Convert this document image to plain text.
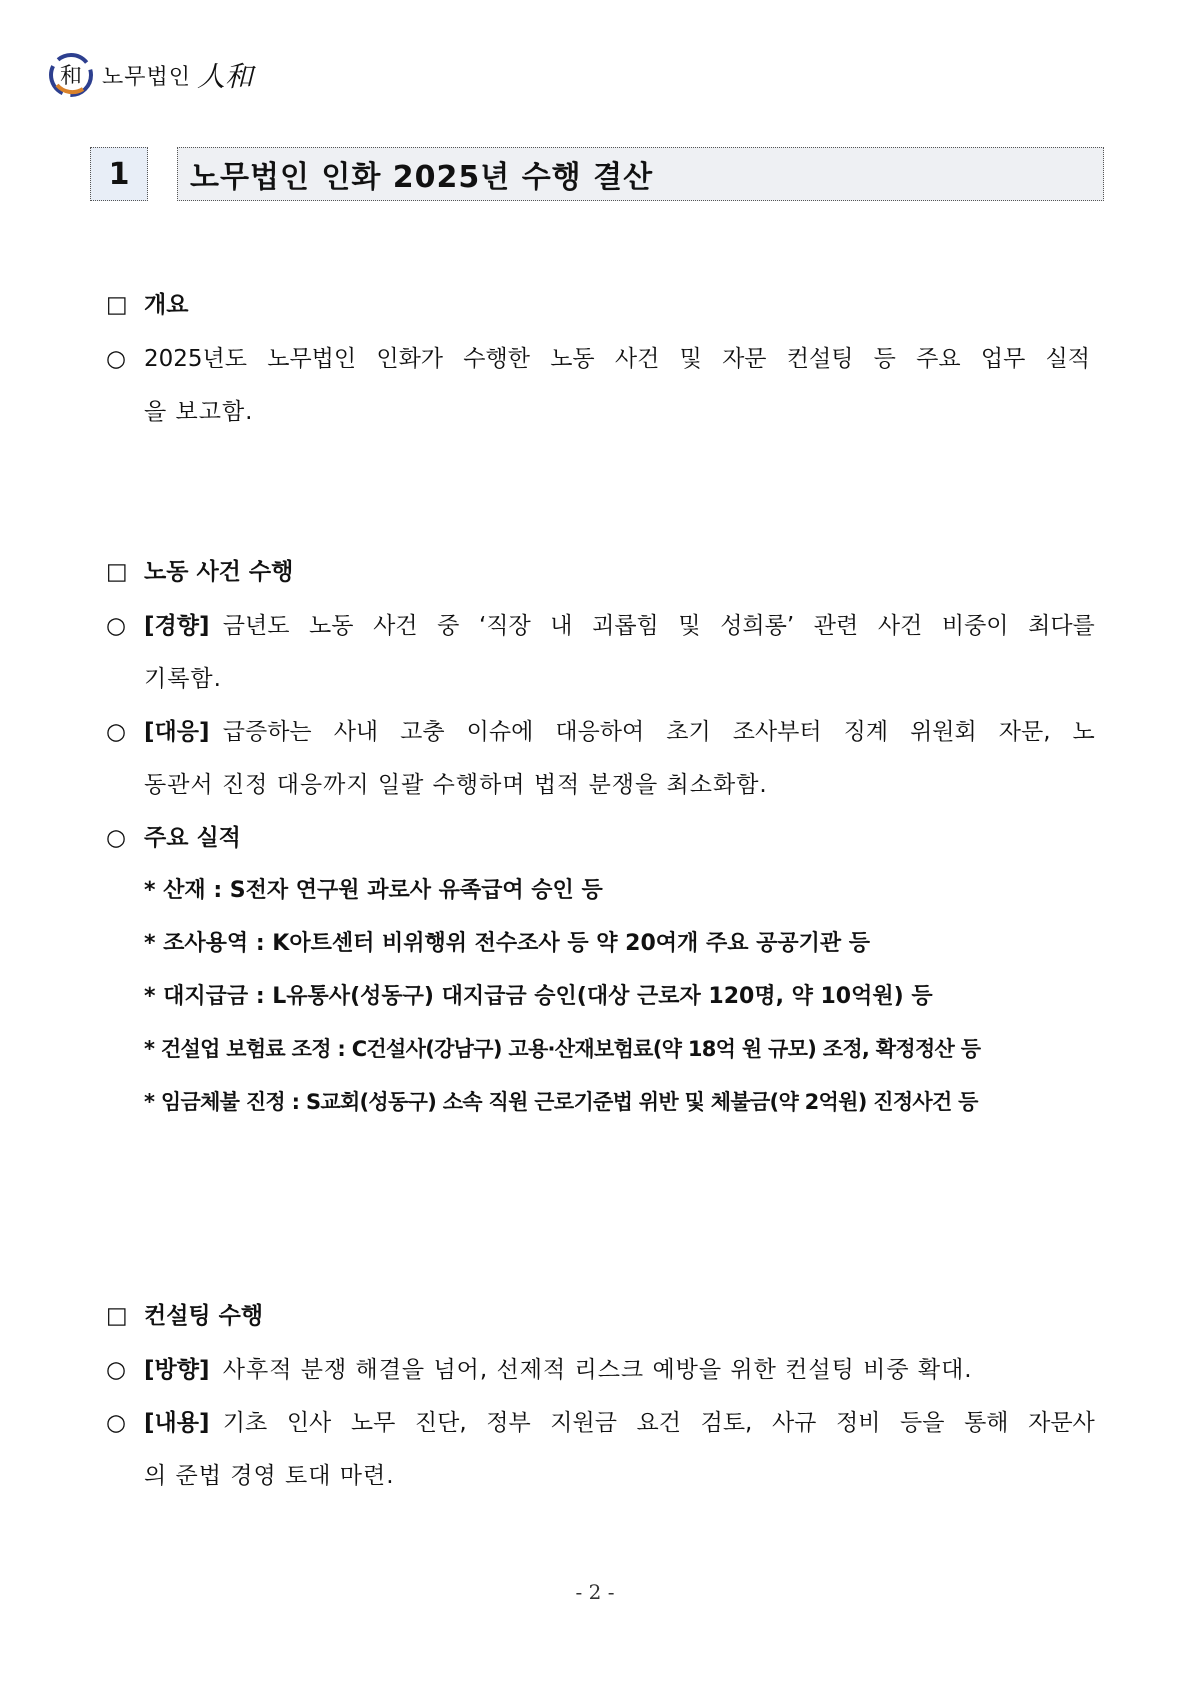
和 노무법인 人和
1	노무법인 인화 2025년 수행 결산
□ 개요
○ 2025년도 노무법인 인화가 수행한 노동 사건 및 자문 컨설팅 등 주요 업무 실적
을 보고함.
□ 노동 사건 수행
○ [경향] 금년도 노동 사건 중 ‘직장 내 괴롭힘 및 성희롱’ 관련 사건 비중이 최다를
기록함.
○ [대응] 급증하는 사내 고충 이슈에 대응하여 초기 조사부터 징계 위원회 자문, 노
동관서 진정 대응까지 일괄 수행하며 법적 분쟁을 최소화함.
○ 주요 실적
* 산재 : S전자 연구원 과로사 유족급여 승인 등
* 조사용역 : K아트센터 비위행위 전수조사 등 약 20여개 주요 공공기관 등
* 대지급금 : L유통사(성동구) 대지급금 승인(대상 근로자 120명, 약 10억원) 등
* 건설업 보험료 조정 : C건설사(강남구) 고용·산재보험료(약 18억 원 규모) 조정, 확정정산 등
* 임금체불 진정 : S교회(성동구) 소속 직원 근로기준법 위반 및 체불금(약 2억원) 진정사건 등
□ 컨설팅 수행
○ [방향] 사후적 분쟁 해결을 넘어, 선제적 리스크 예방을 위한 컨설팅 비중 확대.
○ [내용] 기초 인사 노무 진단, 정부 지원금 요건 검토, 사규 정비 등을 통해 자문사
의 준법 경영 토대 마련.
- 2 -
